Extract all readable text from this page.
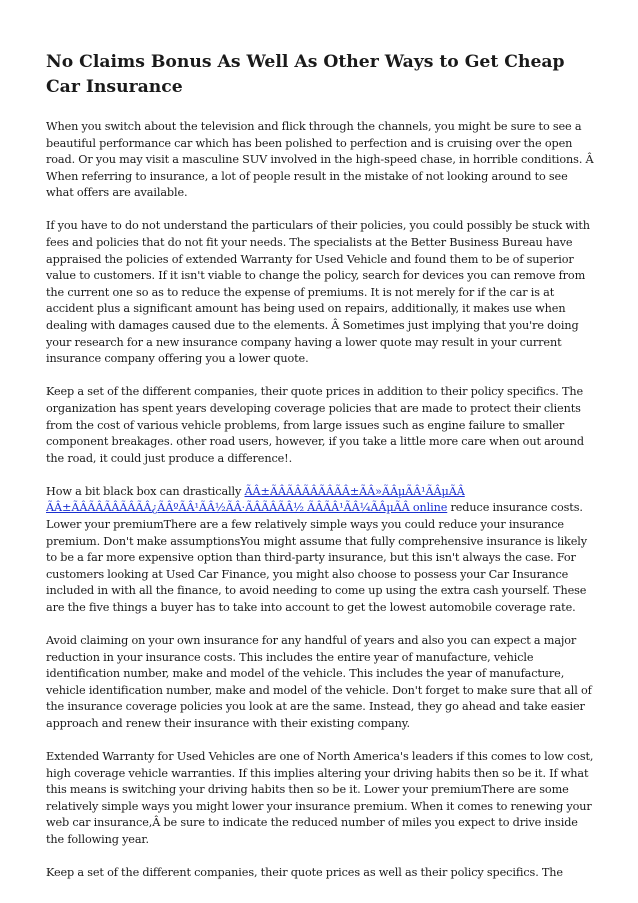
No Claims Bonus As Well As Other Ways to Get Cheap Car Insurance

When you switch about the television and flick through the channels, you might be sure to see a beautiful performance car which has been polished to perfection and is cruising over the open road. Or you may visit a masculine SUV involved in the high-speed chase, in horrible conditions. Â When referring to insurance, a lot of people result in the mistake of not looking around to see what offers are available.

If you have to do not understand the particulars of their policies, you could possibly be stuck with fees and policies that do not fit your needs. The specialists at the Better Business Bureau have appraised the policies of extended Warranty for Used Vehicle and found them to be of superior value to customers. If it isn't viable to change the policy, search for devices you can remove from the current one so as to reduce the expense of premiums. It is not merely for if the car is at accident plus a significant amount has being used on repairs, additionally, it makes use when dealing with damages caused due to the elements. Â Sometimes just implying that you're doing your research for a new insurance company having a lower quote may result in your current insurance company offering you a lower quote.

Keep a set of the different companies, their quote prices in addition to their policy specifics. The organization has spent years developing coverage policies that are made to protect their clients from the cost of various vehicle problems, from large issues such as engine failure to smaller component breakages. other road users, however, if you take a little more care when out around the road, it could just produce a difference!.

How a bit black box can drastically ÃÂ±ÃÂÃÂÃÂÃÂÃÂ±ÃÂ»ÃÂµÃÂ¹ÃÂµÃÂ ÃÂ±ÃÂÃÂÃÂÃÂÃÂ¿ÃÂºÃÂ¹ÃÂ½ÃÂ·ÃÂÃÂÃÂ½ ÃÂÃÂ¹ÃÂ¼ÃÂµÃÂ online reduce insurance costs. Lower your premiumThere are a few relatively simple ways you could reduce your insurance premium. Don't make assumptionsYou might assume that fully comprehensive insurance is likely to be a far more expensive option than third-party insurance, but this isn't always the case. For customers looking at Used Car Finance, you might also choose to possess your Car Insurance included in with all the finance, to avoid needing to come up using the extra cash yourself. These are the five things a buyer has to take into account to get the lowest automobile coverage rate.

Avoid claiming on your own insurance for any handful of years and also you can expect a major reduction in your insurance costs. This includes the entire year of manufacture, vehicle identification number, make and model of the vehicle. This includes the year of manufacture, vehicle identification number, make and model of the vehicle. Don't forget to make sure that all of the insurance coverage policies you look at are the same. Instead, they go ahead and take easier approach and renew their insurance with their existing company.

Extended Warranty for Used Vehicles are one of North America's leaders if this comes to low cost, high coverage vehicle warranties. If this implies altering your driving habits then so be it. If what this means is switching your driving habits then so be it. Lower your premiumThere are some relatively simple ways you might lower your insurance premium. When it comes to renewing your web car insurance,Â be sure to indicate the reduced number of miles you expect to drive inside the following year.

Keep a set of the different companies, their quote prices as well as their policy specifics. The
